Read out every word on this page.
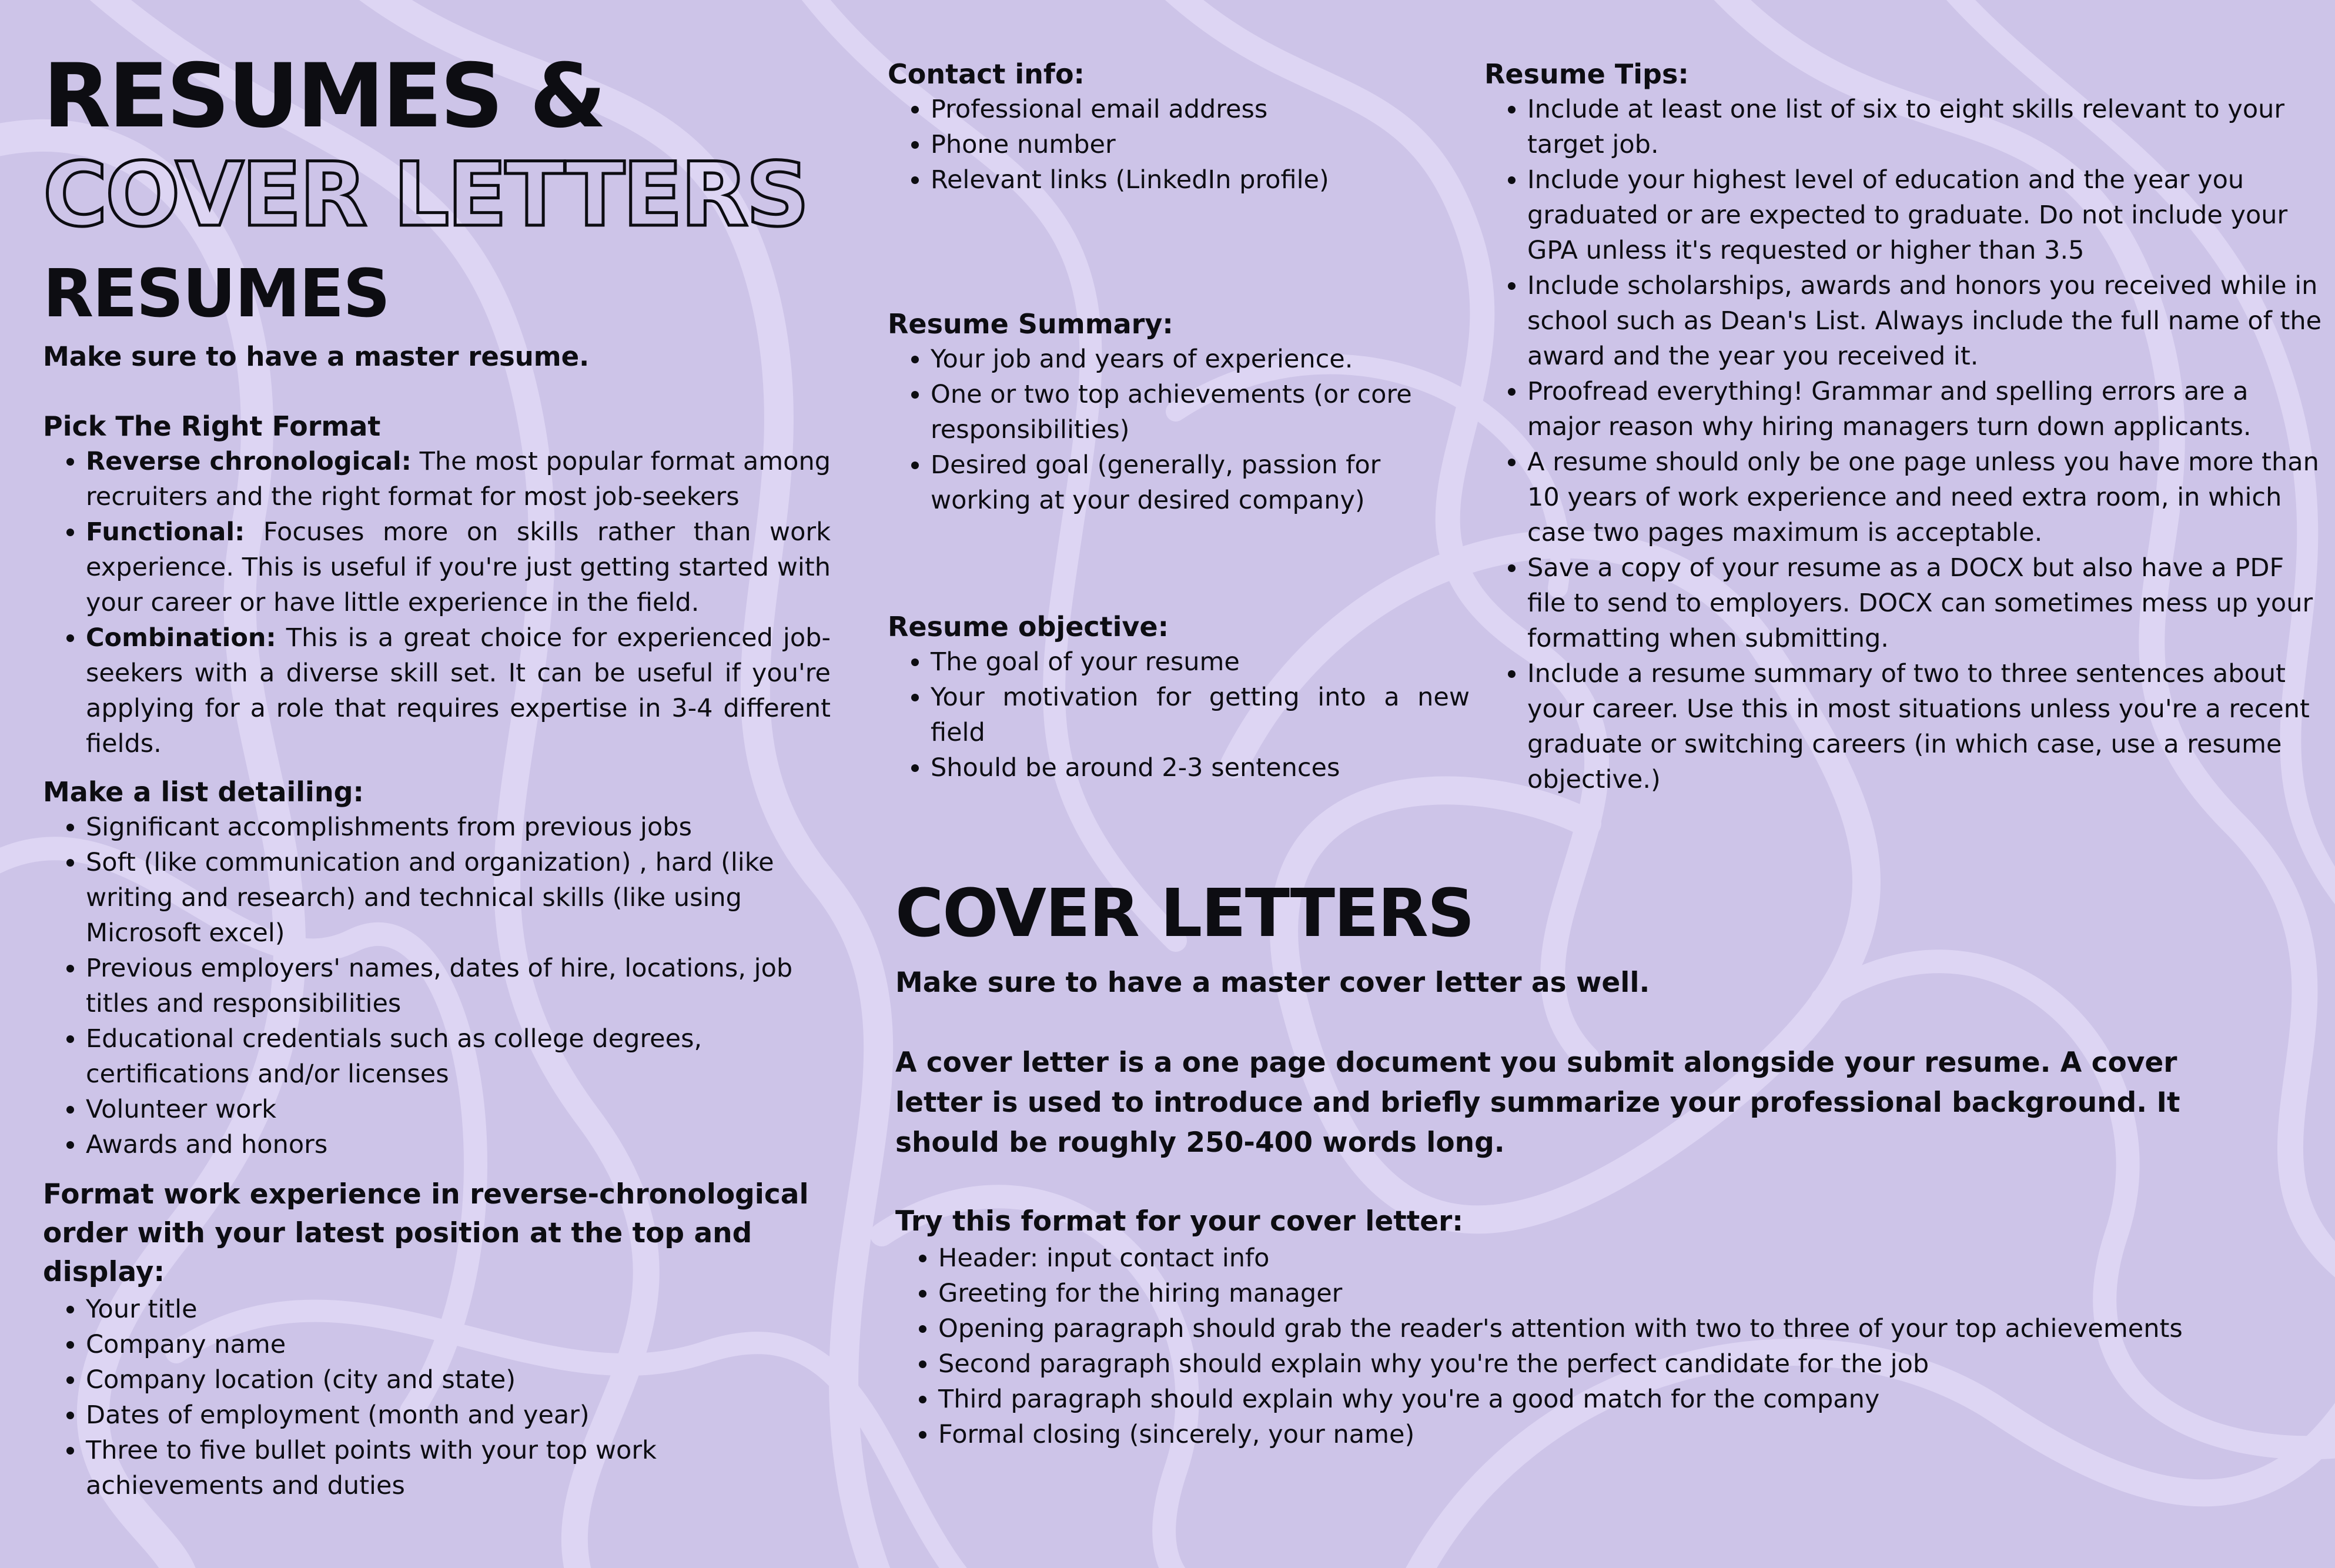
RESUMES &
COVER LETTERS
RESUMES

Make sure to have a master resume.

Pick The Right Format

• Reverse chronological: The most popular format among recruiters and the right format for most job-seekers
• Functional: Focuses more on skills rather than work experience. This is useful if you're just getting started with your career or have little experience in the field.
• Combination: This is a great choice for experienced job-seekers with a diverse skill set. It can be useful if you're applying for a role that requires expertise in 3-4 different fields.

Make a list detailing:

• Significant accomplishments from previous jobs
• Soft (like communication and organization) , hard (like writing and research) and technical skills (like using Microsoft excel)
• Previous employers' names, dates of hire, locations, job titles and responsibilities
• Educational credentials such as college degrees, certifications and/or licenses
• Volunteer work
• Awards and honors

Format work experience in reverse-chronological order with your latest position at the top and display:

• Your title
• Company name
• Company location (city and state)
• Dates of employment (month and year)
• Three to five bullet points with your top work achievements and duties

Contact info:

• Professional email address
• Phone number
• Relevant links (LinkedIn profile)

Resume Summary:

• Your job and years of experience.
• One or two top achievements (or core responsibilities)
• Desired goal (generally, passion for working at your desired company)

Resume objective:

• The goal of your resume
• Your motivation for getting into a new field
• Should be around 2-3 sentences

Resume Tips:

• Include at least one list of six to eight skills relevant to your target job.
• Include your highest level of education and the year you graduated or are expected to graduate. Do not include your GPA unless it's requested or higher than 3.5
• Include scholarships, awards and honors you received while in school such as Dean's List. Always include the full name of the award and the year you received it.
• Proofread everything! Grammar and spelling errors are a major reason why hiring managers turn down applicants.
• A resume should only be one page unless you have more than 10 years of work experience and need extra room, in which case two pages maximum is acceptable.
• Save a copy of your resume as a DOCX but also have a PDF file to send to employers. DOCX can sometimes mess up your formatting when submitting.
• Include a resume summary of two to three sentences about your career. Use this in most situations unless you're a recent graduate or switching careers (in which case, use a resume objective.)
COVER LETTERS

Make sure to have a master cover letter as well.

A cover letter is a one page document you submit alongside your resume. A cover letter is used to introduce and briefly summarize your professional background. It should be roughly 250-400 words long.

Try this format for your cover letter:

• Header: input contact info
• Greeting for the hiring manager
• Opening paragraph should grab the reader's attention with two to three of your top achievements
• Second paragraph should explain why you're the perfect candidate for the job
• Third paragraph should explain why you're a good match for the company
• Formal closing (sincerely, your name)
